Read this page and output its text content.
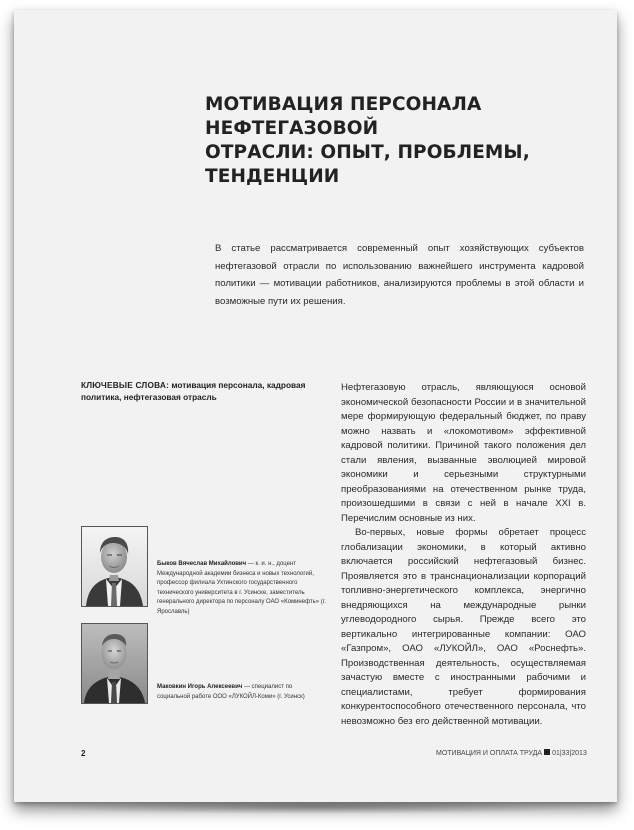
МОТИВАЦИЯ ПЕРСОНАЛА НЕФТЕГАЗОВОЙ
ОТРАСЛИ: ОПЫТ, ПРОБЛЕМЫ, ТЕНДЕНЦИИ

В статье рассматривается современный опыт хозяйствующих субъектов нефтегазовой отрасли по использованию важнейшего инструмента кадровой политики — мотивации работников, анализируются проблемы в этой области и возможные пути их решения.

КЛЮЧЕВЫЕ СЛОВА: мотивация персонала, кадровая политика, нефтегазовая отрасль

Нефтегазовую отрасль, являющуюся основой экономической безопасности России и в значительной мере формирующую федеральный бюджет, по праву можно назвать и «локомотивом» эффективной кадровой политики. Причиной такого положения дел стали явления, вызванные эволюцией мировой экономики и серьезными структурными преобразованиями на отечественном рынке труда, произошедшими в связи с ней в начале XXI в. Перечислим основные из них.

Во-первых, новые формы обретает процесс глобализации экономики, в который активно включается российский нефтегазовый бизнес. Проявляется это в транснационализации корпораций топливно-энергетического комплекса, энергично внедряющихся на международные рынки углеводородного сырья. Прежде всего это вертикально интегрированные компании: ОАО «Газпром», ОАО «ЛУКОЙЛ», ОАО «Роснефть». Производственная деятельность, осуществляемая зачастую вместе с иностранными рабочими и специалистами, требует формирования конкурентоспособного отечественного персонала, что невозможно без его действенной мотивации.

Быков Вячеслав Михайлович — к. и. н., доцент Международной академии бизнеса и новых технологий, профессор филиала Ухтинского государственного технического университета в г. Усинске, заместитель генерального директора по персоналу ОАО «Коминефть» (г. Ярославль)

Маковкин Игорь Алексеевич — специалист по социальной работе ООО «ЛУКОЙЛ-Коми» (г. Усинск)

2	МОТИВАЦИЯ И ОПЛАТА ТРУДА 01|33|2013
